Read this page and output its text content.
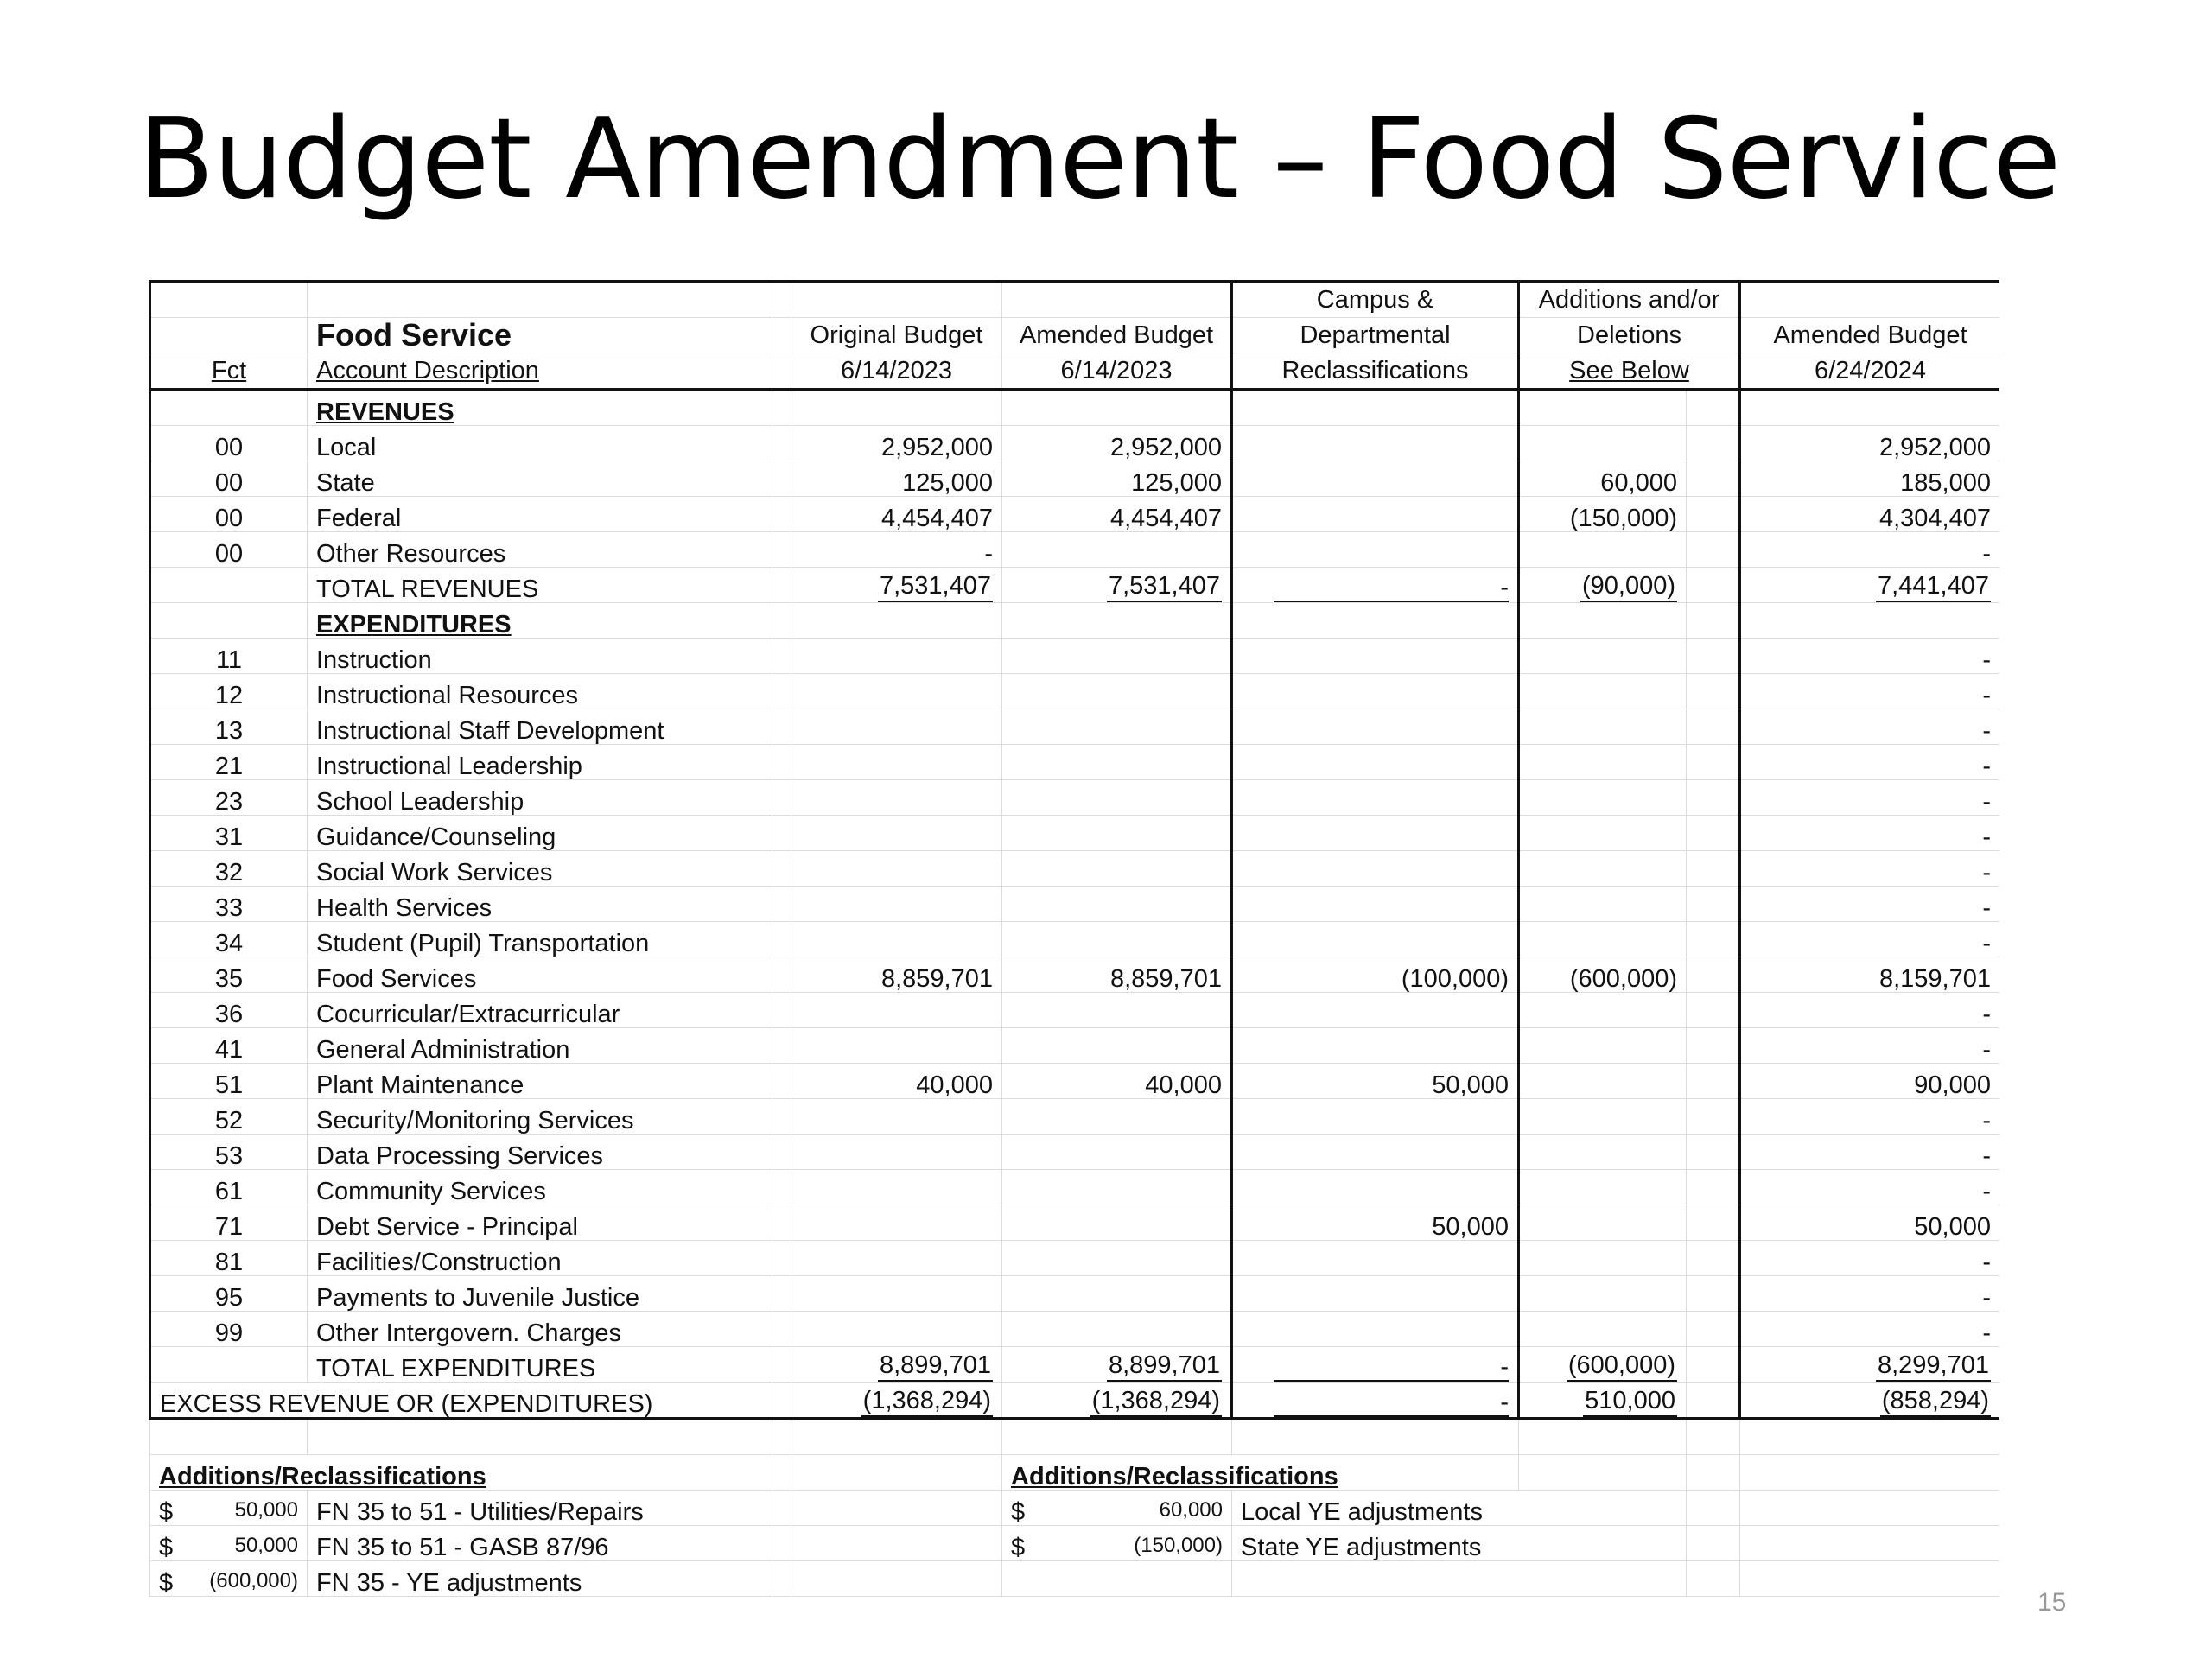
Budget Amendment – Food Service
					Campus &	Additions and/or		
	Food Service		Original Budget	Amended Budget	Departmental	Deletions		Amended Budget
Fct	Account Description		6/14/2023	6/14/2023	Reclassifications	See Below		6/24/2024
	REVENUES							
00	Local		2,952,000	2,952,000				2,952,000
00	State		125,000	125,000		60,000		185,000
00	Federal		4,454,407	4,454,407		(150,000)		4,304,407
00	Other Resources		-					-
	TOTAL REVENUES		7,531,407	7,531,407	-	(90,000)		7,441,407
	EXPENDITURES							
11	Instruction							-
12	Instructional Resources							-
13	Instructional Staff Development							-
21	Instructional Leadership							-
23	School Leadership							-
31	Guidance/Counseling							-
32	Social Work Services							-
33	Health Services							-
34	Student (Pupil) Transportation							-
35	Food Services		8,859,701	8,859,701	(100,000)	(600,000)		8,159,701
36	Cocurricular/Extracurricular							-
41	General Administration							-
51	Plant Maintenance		40,000	40,000	50,000			90,000
52	Security/Monitoring Services							-
53	Data Processing Services							-
61	Community Services							-
71	Debt Service - Principal				50,000			50,000
81	Facilities/Construction							-
95	Payments to Juvenile Justice							-
99	Other Intergovern. Charges							-
	TOTAL EXPENDITURES		8,899,701	8,899,701	-	(600,000)		8,299,701
EXCESS REVENUE OR (EXPENDITURES)			(1,368,294)	(1,368,294)	-	510,000		(858,294)

Additions/Reclassifications				Additions/Reclassifications				
$ 50,000	FN 35 to 51 - Utilities/Repairs			$ 60,000	Local YE adjustments			
$ 50,000	FN 35 to 51 - GASB 87/96			$ (150,000)	State YE adjustments			
$ (600,000)	FN 35 - YE adjustments							
15
